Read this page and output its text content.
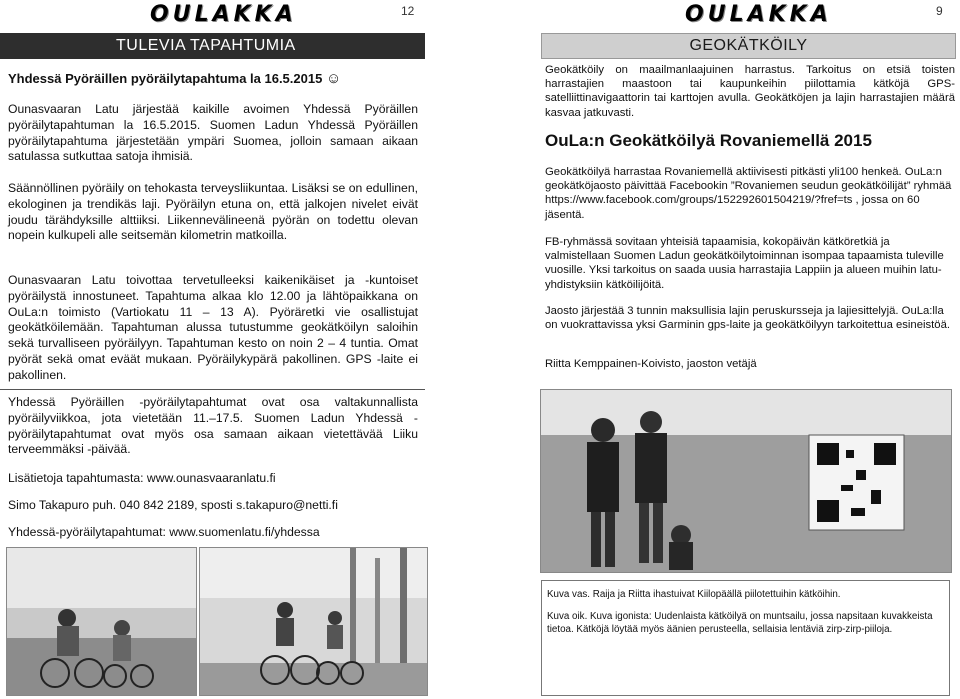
OULAKKA	12
TULEVIA TAPAHTUMIA
Yhdessä Pyöräillen pyöräilytapahtuma la 16.5.2015 ☺
Ounasvaaran Latu järjestää kaikille avoimen Yhdessä Pyöräillen pyöräilytapahtuman la 16.5.2015. Suomen Ladun Yhdessä Pyöräillen pyöräilytapahtuma järjestetään ympäri Suomea, jolloin samaan aikaan satulassa sutkuttaa satoja ihmisiä.
Säännöllinen pyöräily on tehokasta terveysliikuntaa. Lisäksi se on edullinen, ekologinen ja trendikäs laji. Pyöräilyn etuna on, että jalkojen nivelet eivät joudu tärähdyksille alttiiksi. Liikennevälineenä pyörän on todettu olevan nopein kulkupeli alle seitsemän kilometrin matkoilla.
Ounasvaaran Latu toivottaa tervetulleeksi kaikenikäiset ja -kuntoiset pyöräilystä innostuneet. Tapahtuma alkaa klo 12.00 ja lähtöpaikkana on OuLa:n toimisto (Vartiokatu 11 – 13 A). Pyöräretki vie osallistujat geokätköilemään. Tapahtuman alussa tutustumme geokätköilyn saloihin sekä turvalliseen pyöräilyyn. Tapahtuman kesto on noin 2 – 4 tuntia. Omat pyörät sekä omat eväät mukaan. Pyöräilykypärä pakollinen. GPS -laite ei pakollinen.
Yhdessä Pyöräillen -pyöräilytapahtumat ovat osa valtakunnallista pyöräilyviikkoa, jota vietetään 11.–17.5. Suomen Ladun Yhdessä -pyöräilytapahtumat ovat myös osa samaan aikaan vietettävää Liiku terveemmäksi -päivää.
Lisätietoja tapahtumasta: www.ounasvaaranlatu.fi
Simo Takapuro puh. 040 842 2189, sposti s.takapuro@netti.fi
Yhdessä-pyöräilytapahtumat: www.suomenlatu.fi/yhdessa
OULAKKA	9
GEOKÄTKÖILY
Geokätköily on maailmanlaajuinen harrastus. Tarkoitus on etsiä toisten harrastajien maastoon tai kaupunkeihin piilottamia kätköjä GPS-satelliittinavigaattorin tai karttojen avulla. Geokätköjen ja lajin harrastajien määrä kasvaa jatkuvasti.
OuLa:n Geokätköilyä Rovaniemellä 2015
Geokätköilyä harrastaa Rovaniemellä aktiivisesti pitkästi yli100 henkeä. OuLa:n geokätköjaosto päivittää Facebookin ”Rovaniemen seudun geokätköilijät” ryhmää https://www.facebook.com/groups/152292601504219/?fref=ts , jossa on 60 jäsentä.
FB-ryhmässä sovitaan yhteisiä tapaamisia, kokopäivän kätköretkiä ja valmistellaan Suomen Ladun geokätköilytoiminnan isompaa tapaamista tuleville vuosille. Yksi tarkoitus on saada uusia harrastajia Lappiin ja alueen muihin latu-yhdistyksiin kätköilijöitä.
Jaosto järjestää 3 tunnin maksullisia lajin peruskursseja ja lajiesittelyjä. OuLa:lla on vuokrattavissa yksi Garminin gps-laite ja geokätköilyyn tarkoitettua esineistöä.
Riitta Kemppainen-Koivisto, jaoston vetäjä
Kuva vas. Raija ja Riitta ihastuivat Kiilopäällä piilotettuihin kätköihin.
Kuva oik. Kuva igonista: Uudenlaista kätköilyä on muntsailu, jossa napsitaan kuvakkeista tietoa. Kätköjä löytää myös äänien perusteella, sellaisia lentäviä zirp-zirp-piiloja.
